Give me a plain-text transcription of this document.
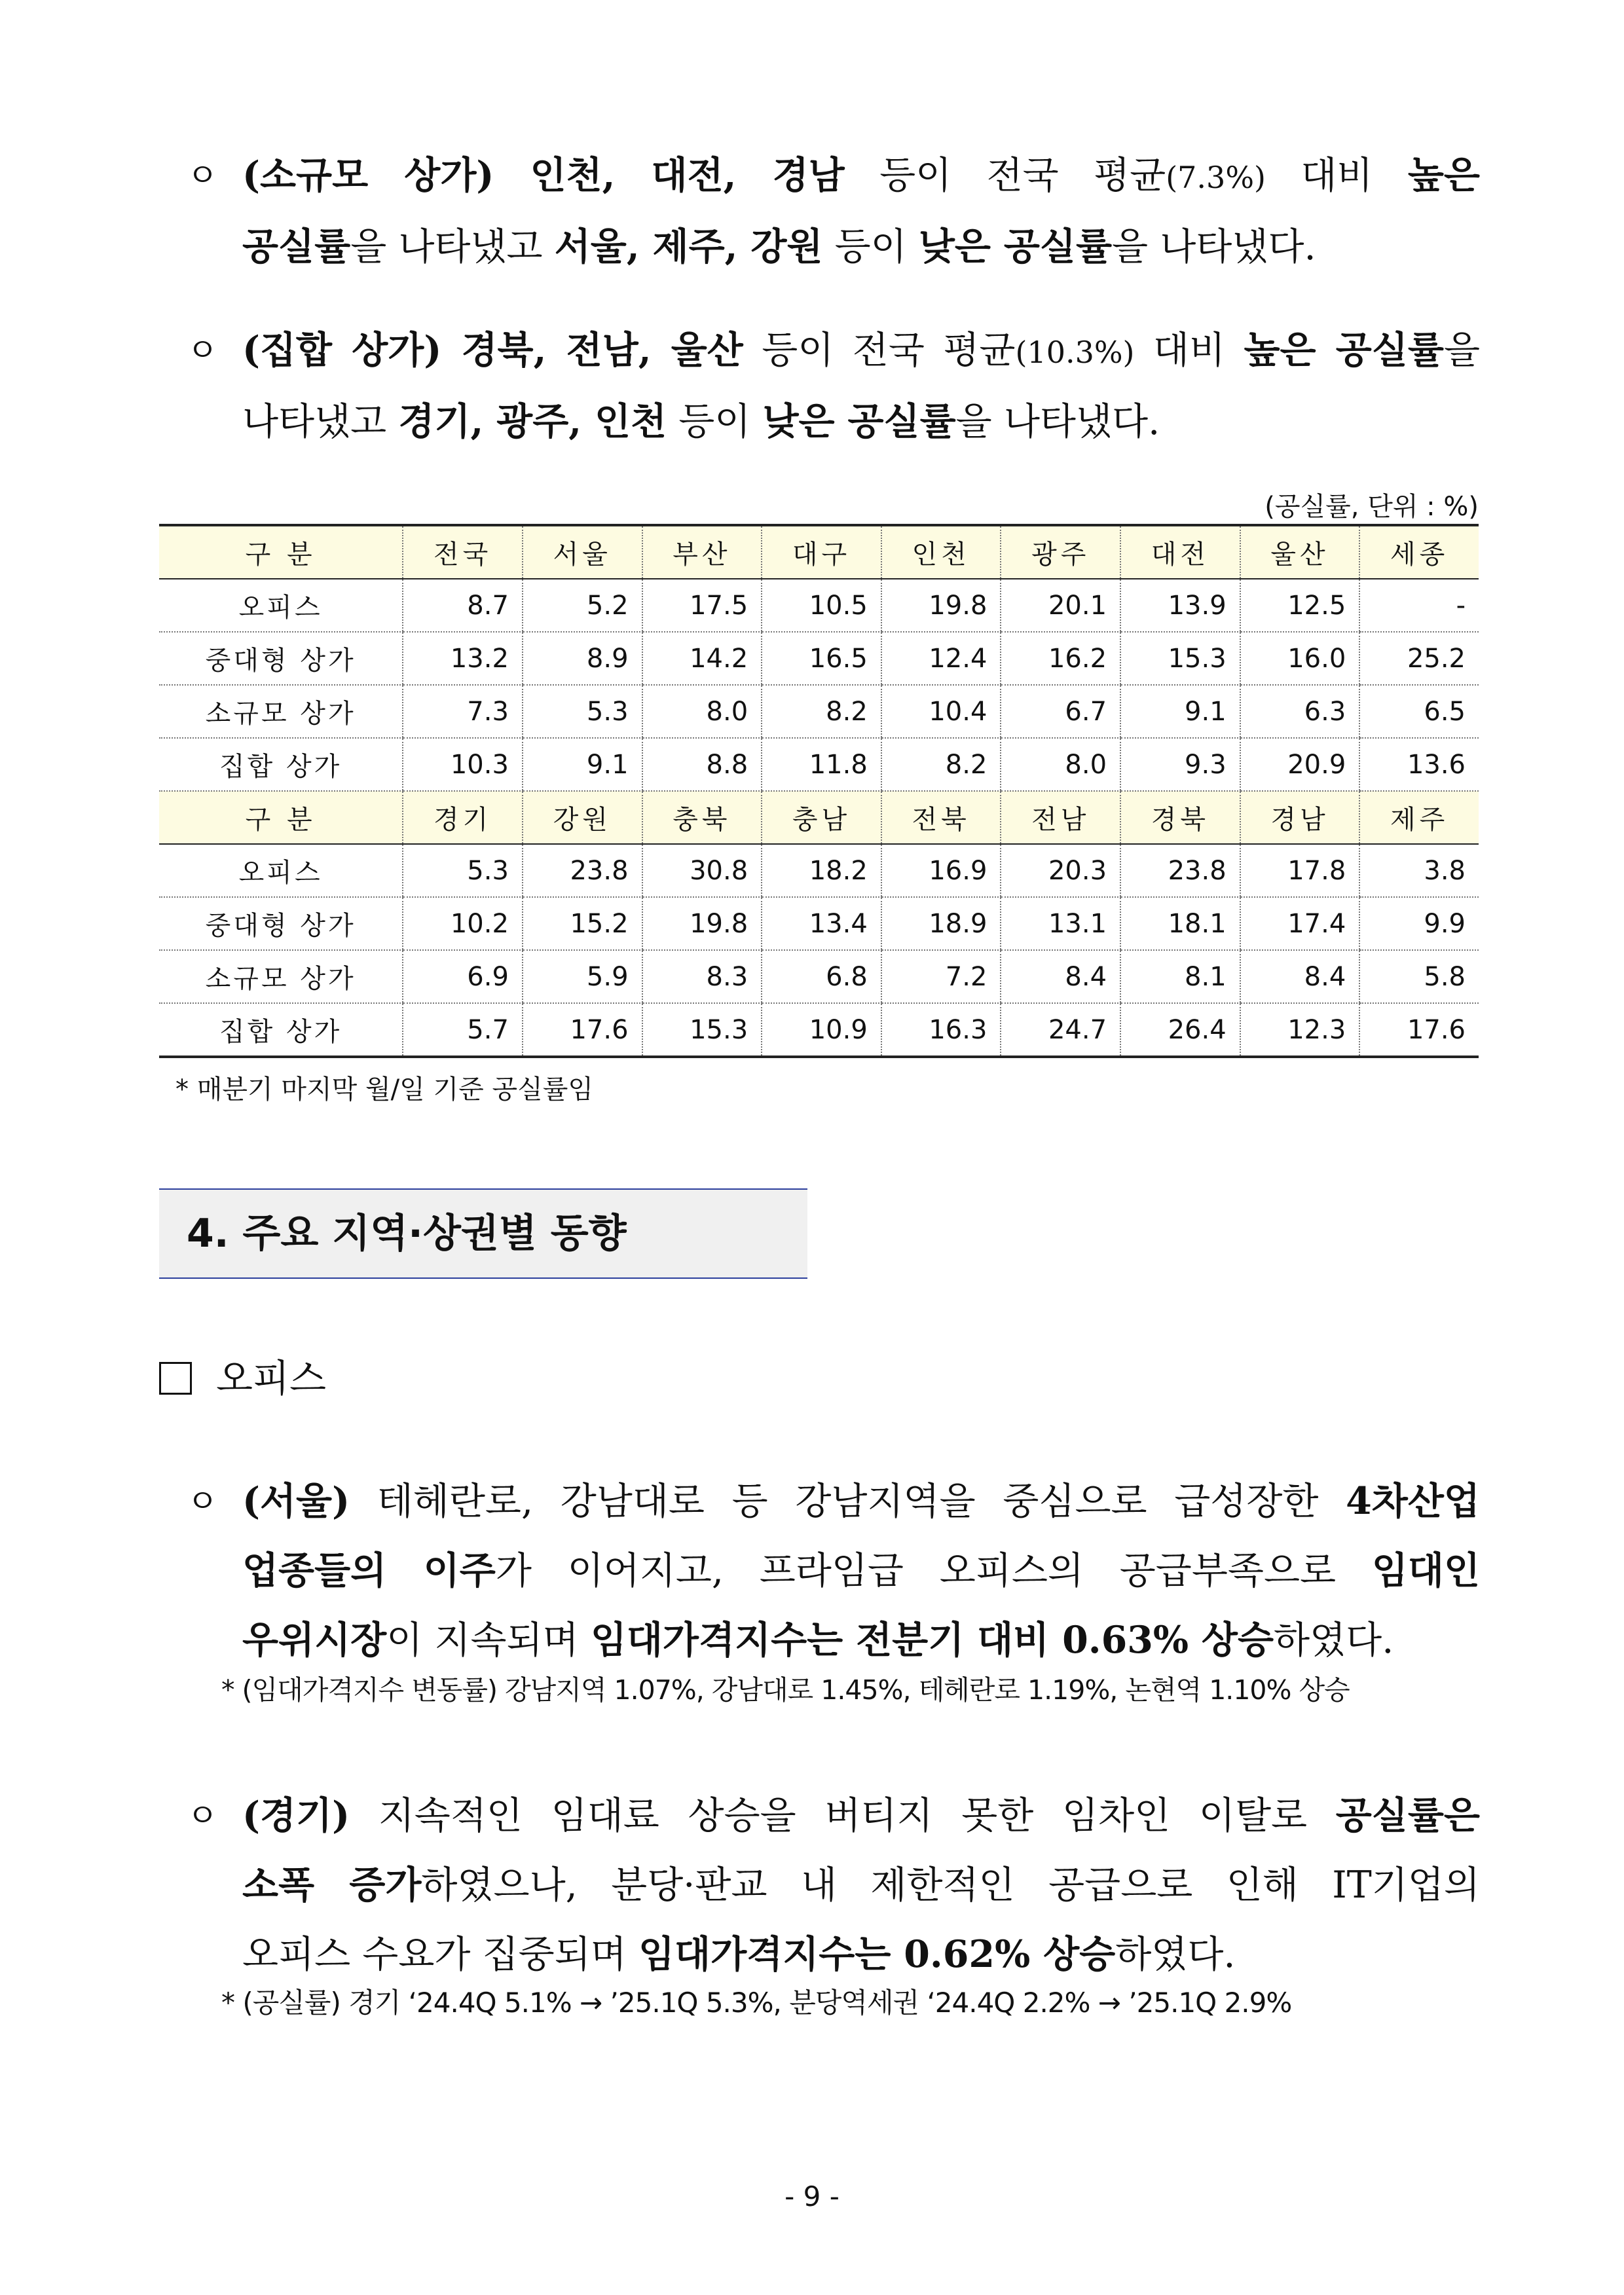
ㅇ (소규모 상가) 인천, 대전, 경남 등이 전국 평균(7.3%) 대비 높은
공실률을 나타냈고 서울, 제주, 강원 등이 낮은 공실률을 나타냈다.
ㅇ (집합 상가) 경북, 전남, 울산 등이 전국 평균(10.3%) 대비 높은 공실률을
나타냈고 경기, 광주, 인천 등이 낮은 공실률을 나타냈다.
(공실률, 단위 : %)
구 분	전국	서울	부산	대구	인천	광주	대전	울산	세종
오피스	8.7	5.2	17.5	10.5	19.8	20.1	13.9	12.5	-
중대형 상가	13.2	8.9	14.2	16.5	12.4	16.2	15.3	16.0	25.2
소규모 상가	7.3	5.3	8.0	8.2	10.4	6.7	9.1	6.3	6.5
집합 상가	10.3	9.1	8.8	11.8	8.2	8.0	9.3	20.9	13.6
구 분	경기	강원	충북	충남	전북	전남	경북	경남	제주
오피스	5.3	23.8	30.8	18.2	16.9	20.3	23.8	17.8	3.8
중대형 상가	10.2	15.2	19.8	13.4	18.9	13.1	18.1	17.4	9.9
소규모 상가	6.9	5.9	8.3	6.8	7.2	8.4	8.1	8.4	5.8
집합 상가	5.7	17.6	15.3	10.9	16.3	24.7	26.4	12.3	17.6
* 매분기 마지막 월/일 기준 공실률임
4. 주요 지역·상권별 동향
오피스
ㅇ (서울) 테헤란로, 강남대로 등 강남지역을 중심으로 급성장한 4차산업
업종들의 이주가 이어지고, 프라임급 오피스의 공급부족으로 임대인
우위시장이 지속되며 임대가격지수는 전분기 대비 0.63% 상승하였다.
* (임대가격지수 변동률) 강남지역 1.07%, 강남대로 1.45%, 테헤란로 1.19%, 논현역 1.10% 상승
ㅇ (경기) 지속적인 임대료 상승을 버티지 못한 임차인 이탈로 공실률은
소폭 증가하였으나, 분당·판교 내 제한적인 공급으로 인해 IT기업의
오피스 수요가 집중되며 임대가격지수는 0.62% 상승하였다.
* (공실률) 경기 ‘24.4Q 5.1% → ’25.1Q 5.3%, 분당역세권 ‘24.4Q 2.2% → ’25.1Q 2.9%
- 9 -
